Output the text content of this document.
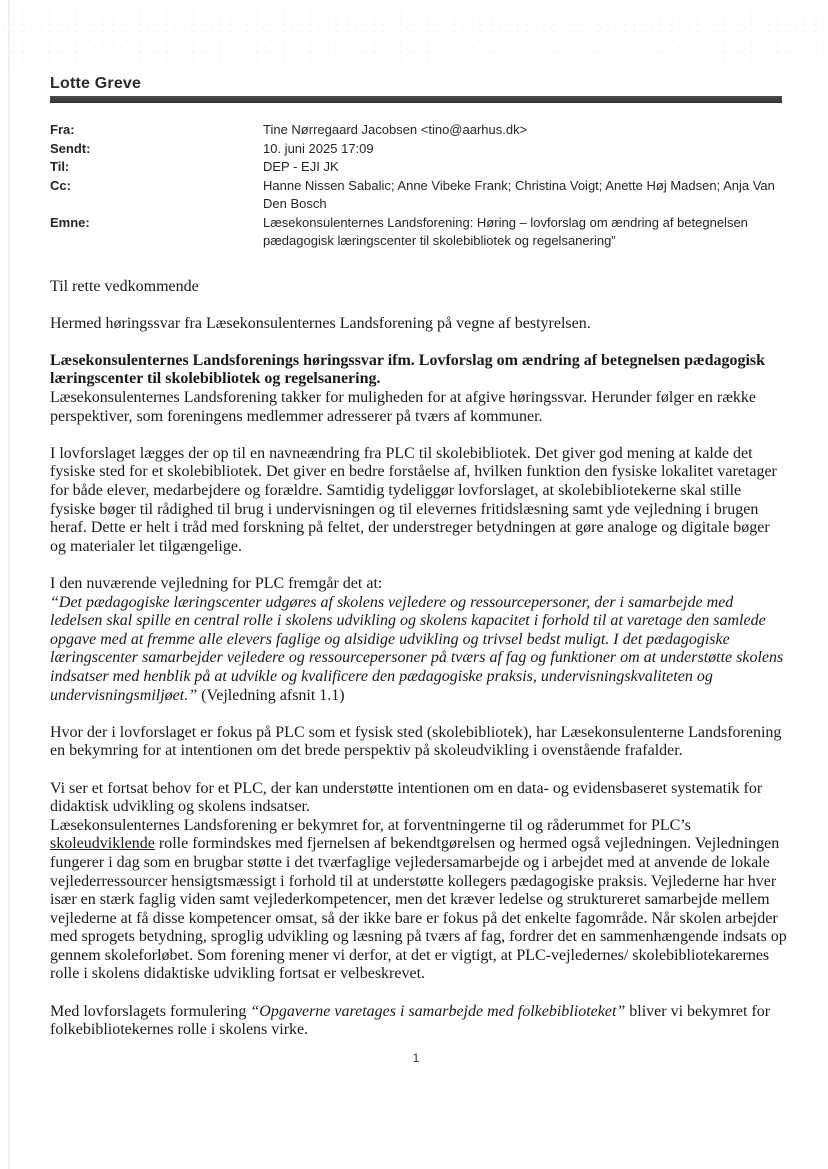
Lotte Greve
Fra:	Tine Nørregaard Jacobsen <tino@aarhus.dk>
Sendt:	10. juni 2025 17:09
Til:	DEP - EJI JK
Cc:	Hanne Nissen Sabalic; Anne Vibeke Frank; Christina Voigt; Anette Høj Madsen; Anja Van Den Bosch
Emne:	Læsekonsulenternes Landsforening: Høring – lovforslag om ændring af betegnelsen pædagogisk læringscenter til skolebibliotek og regelsanering”

Til rette vedkommende

Hermed høringssvar fra Læsekonsulenternes Landsforening på vegne af bestyrelsen.

Læsekonsulenternes Landsforenings høringssvar ifm. Lovforslag om ændring af betegnelsen pædagogisk læringscenter til skolebibliotek og regelsanering.
Læsekonsulenternes Landsforening takker for muligheden for at afgive høringssvar. Herunder følger en række perspektiver, som foreningens medlemmer adresserer på tværs af kommuner.

I lovforslaget lægges der op til en navneændring fra PLC til skolebibliotek. Det giver god mening at kalde det fysiske sted for et skolebibliotek. Det giver en bedre forståelse af, hvilken funktion den fysiske lokalitet varetager for både elever, medarbejdere og forældre. Samtidig tydeliggør lovforslaget, at skolebibliotekerne skal stille fysiske bøger til rådighed til brug i undervisningen og til elevernes fritidslæsning samt yde vejledning i brugen heraf. Dette er helt i tråd med forskning på feltet, der understreger betydningen at gøre analoge og digitale bøger og materialer let tilgængelige.

I den nuværende vejledning for PLC fremgår det at:
“Det pædagogiske læringscenter udgøres af skolens vejledere og ressourcepersoner, der i samarbejde med ledelsen skal spille en central rolle i skolens udvikling og skolens kapacitet i forhold til at varetage den samlede opgave med at fremme alle elevers faglige og alsidige udvikling og trivsel bedst muligt. I det pædagogiske læringscenter samarbejder vejledere og ressourcepersoner på tværs af fag og funktioner om at understøtte skolens indsatser med henblik på at udvikle og kvalificere den pædagogiske praksis, undervisningskvaliteten og undervisningsmiljøet.” (Vejledning afsnit 1.1)

Hvor der i lovforslaget er fokus på PLC som et fysisk sted (skolebibliotek), har Læsekonsulenterne Landsforening en bekymring for at intentionen om det brede perspektiv på skoleudvikling i ovenstående frafalder.

Vi ser et fortsat behov for et PLC, der kan understøtte intentionen om en data- og evidensbaseret systematik for didaktisk udvikling og skolens indsatser.
Læsekonsulenternes Landsforening er bekymret for, at forventningerne til og råderummet for PLC’s skoleudviklende rolle formindskes med fjernelsen af bekendtgørelsen og hermed også vejledningen. Vejledningen fungerer i dag som en brugbar støtte i det tværfaglige vejledersamarbejde og i arbejdet med at anvende de lokale vejlederressourcer hensigtsmæssigt i forhold til at understøtte kollegers pædagogiske praksis. Vejlederne har hver især en stærk faglig viden samt vejlederkompetencer, men det kræver ledelse og struktureret samarbejde mellem vejlederne at få disse kompetencer omsat, så der ikke bare er fokus på det enkelte fagområde. Når skolen arbejder med sprogets betydning, sproglig udvikling og læsning på tværs af fag, fordrer det en sammenhængende indsats op gennem skoleforløbet. Som forening mener vi derfor, at det er vigtigt, at PLC-vejledernes/ skolebibliotekarernes rolle i skolens didaktiske udvikling fortsat er velbeskrevet.

Med lovforslagets formulering “Opgaverne varetages i samarbejde med folkebiblioteket” bliver vi bekymret for folkebibliotekernes rolle i skolens virke.

1
